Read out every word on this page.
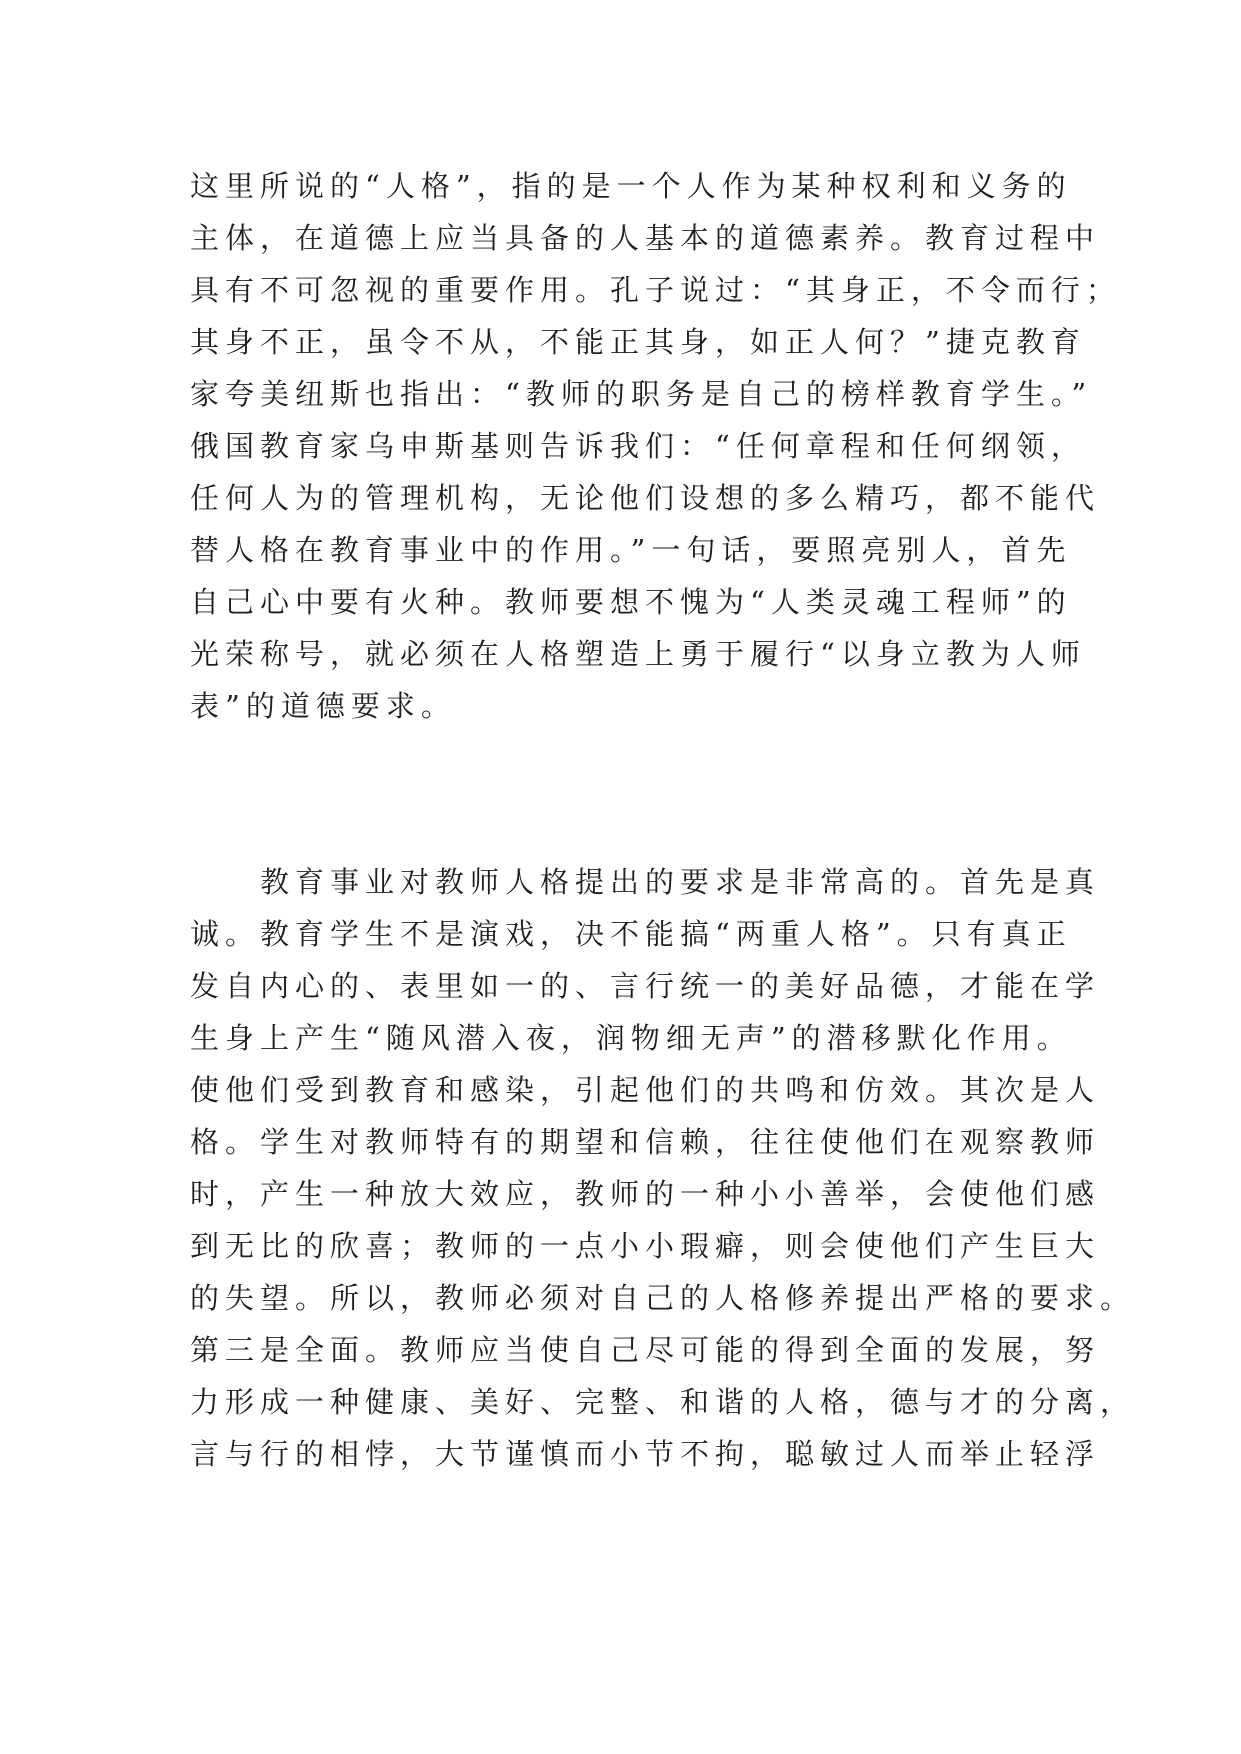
这里所说的“人格”，指的是一个人作为某种权利和义务的
主体，在道德上应当具备的人基本的道德素养。教育过程中
具有不可忽视的重要作用。孔子说过：“其身正，不令而行；
其身不正，虽令不从，不能正其身，如正人何？”捷克教育
家夸美纽斯也指出：“教师的职务是自己的榜样教育学生。”
俄国教育家乌申斯基则告诉我们：“任何章程和任何纲领，
任何人为的管理机构，无论他们设想的多么精巧，都不能代
替人格在教育事业中的作用。”一句话，要照亮别人，首先
自己心中要有火种。教师要想不愧为“人类灵魂工程师”的
光荣称号，就必须在人格塑造上勇于履行“以身立教为人师
表”的道德要求。
教育事业对教师人格提出的要求是非常高的。首先是真
诚。教育学生不是演戏，决不能搞“两重人格”。只有真正
发自内心的、表里如一的、言行统一的美好品德，才能在学
生身上产生“随风潜入夜，润物细无声”的潜移默化作用。
使他们受到教育和感染，引起他们的共鸣和仿效。其次是人
格。学生对教师特有的期望和信赖，往往使他们在观察教师
时，产生一种放大效应，教师的一种小小善举，会使他们感
到无比的欣喜；教师的一点小小瑕癖，则会使他们产生巨大
的失望。所以，教师必须对自己的人格修养提出严格的要求。
第三是全面。教师应当使自己尽可能的得到全面的发展，努
力形成一种健康、美好、完整、和谐的人格，德与才的分离，
言与行的相悖，大节谨慎而小节不拘，聪敏过人而举止轻浮
